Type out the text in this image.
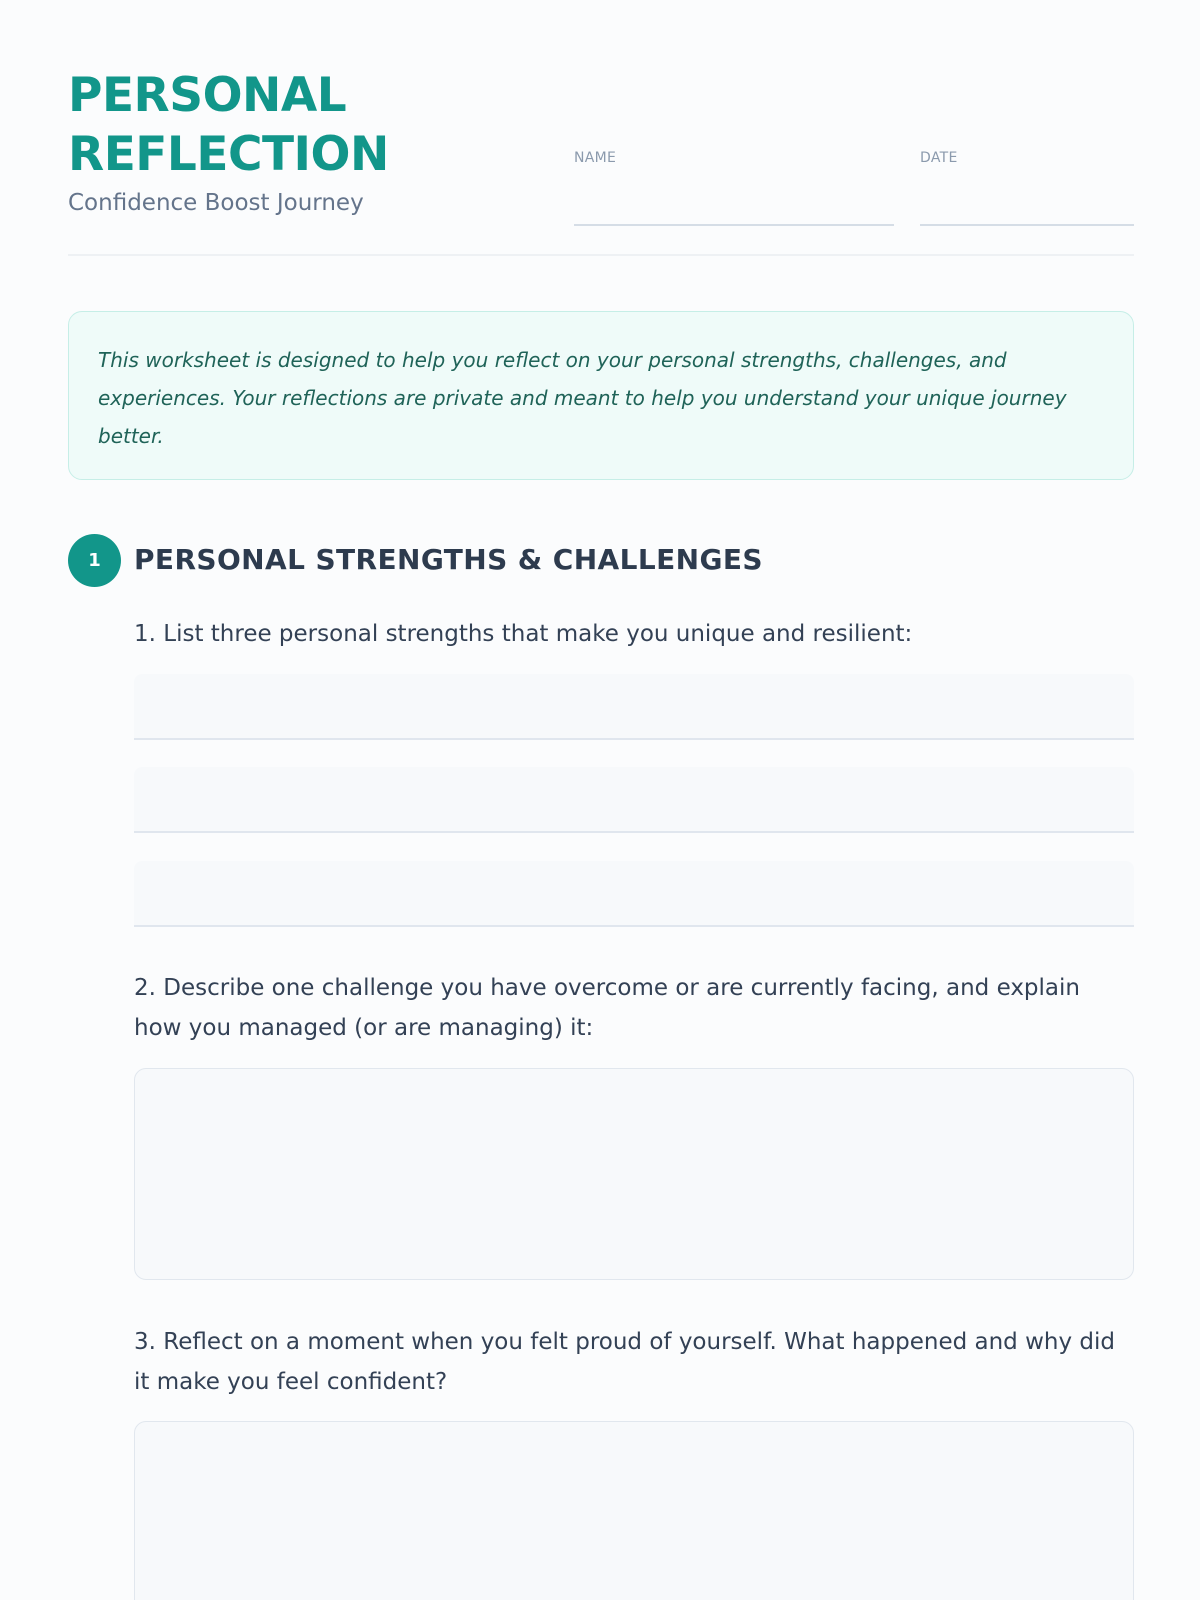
PERSONAL
REFLECTION
Confidence Boost Journey
NAME	DATE

This worksheet is designed to help you reflect on your personal strengths, challenges, and experiences. Your reflections are private and meant to help you understand your unique journey better.

1	PERSONAL STRENGTHS & CHALLENGES
1. List three personal strengths that make you unique and resilient:
2. Describe one challenge you have overcome or are currently facing, and explain how you managed (or are managing) it:
3. Reflect on a moment when you felt proud of yourself. What happened and why did it make you feel confident?
